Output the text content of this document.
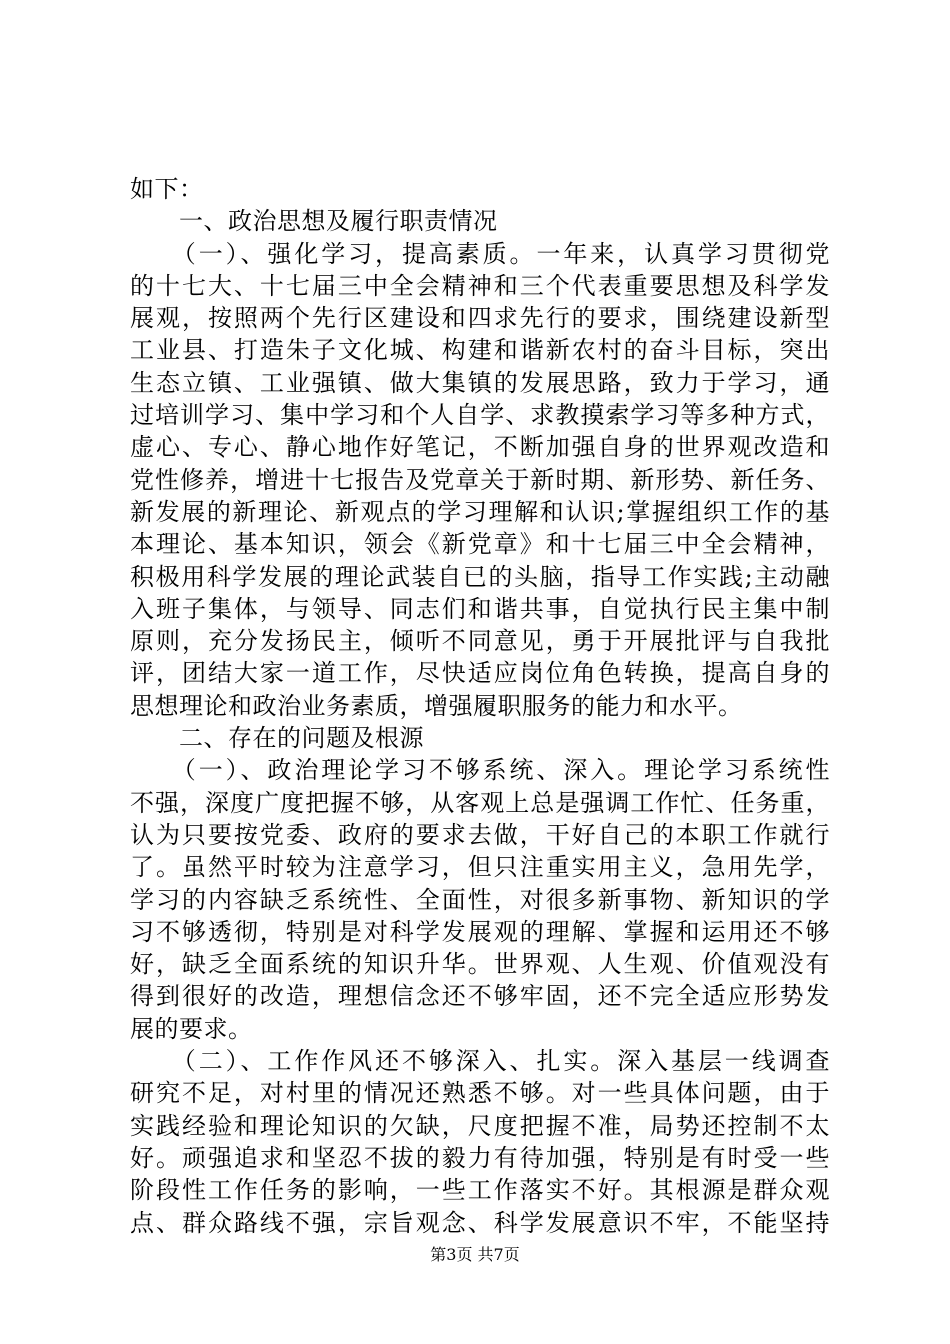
如下：
　　一、政治思想及履行职责情况
　　（一）、强化学习，提高素质。一年来，认真学习贯彻党
的十七大、十七届三中全会精神和三个代表重要思想及科学发
展观，按照两个先行区建设和四求先行的要求，围绕建设新型
工业县、打造朱子文化城、构建和谐新农村的奋斗目标，突出
生态立镇、工业强镇、做大集镇的发展思路，致力于学习，通
过培训学习、集中学习和个人自学、求教摸索学习等多种方式，
虚心、专心、静心地作好笔记，不断加强自身的世界观改造和
党性修养，增进十七报告及党章关于新时期、新形势、新任务、
新发展的新理论、新观点的学习理解和认识;掌握组织工作的基
本理论、基本知识，领会《新党章》和十七届三中全会精神，
积极用科学发展的理论武装自已的头脑，指导工作实践;主动融
入班子集体，与领导、同志们和谐共事，自觉执行民主集中制
原则，充分发扬民主，倾听不同意见，勇于开展批评与自我批
评，团结大家一道工作，尽快适应岗位角色转换，提高自身的
思想理论和政治业务素质，增强履职服务的能力和水平。
　　二、存在的问题及根源
　　（一）、政治理论学习不够系统、深入。理论学习系统性
不强，深度广度把握不够，从客观上总是强调工作忙、任务重，
认为只要按党委、政府的要求去做，干好自己的本职工作就行
了。虽然平时较为注意学习，但只注重实用主义，急用先学，
学习的内容缺乏系统性、全面性，对很多新事物、新知识的学
习不够透彻，特别是对科学发展观的理解、掌握和运用还不够
好，缺乏全面系统的知识升华。世界观、人生观、价值观没有
得到很好的改造，理想信念还不够牢固，还不完全适应形势发
展的要求。
　　（二）、工作作风还不够深入、扎实。深入基层一线调查
研究不足，对村里的情况还熟悉不够。对一些具体问题，由于
实践经验和理论知识的欠缺，尺度把握不准，局势还控制不太
好。顽强追求和坚忍不拔的毅力有待加强，特别是有时受一些
阶段性工作任务的影响，一些工作落实不好。其根源是群众观
点、群众路线不强，宗旨观念、科学发展意识不牢，不能坚持
第3页 共7页
